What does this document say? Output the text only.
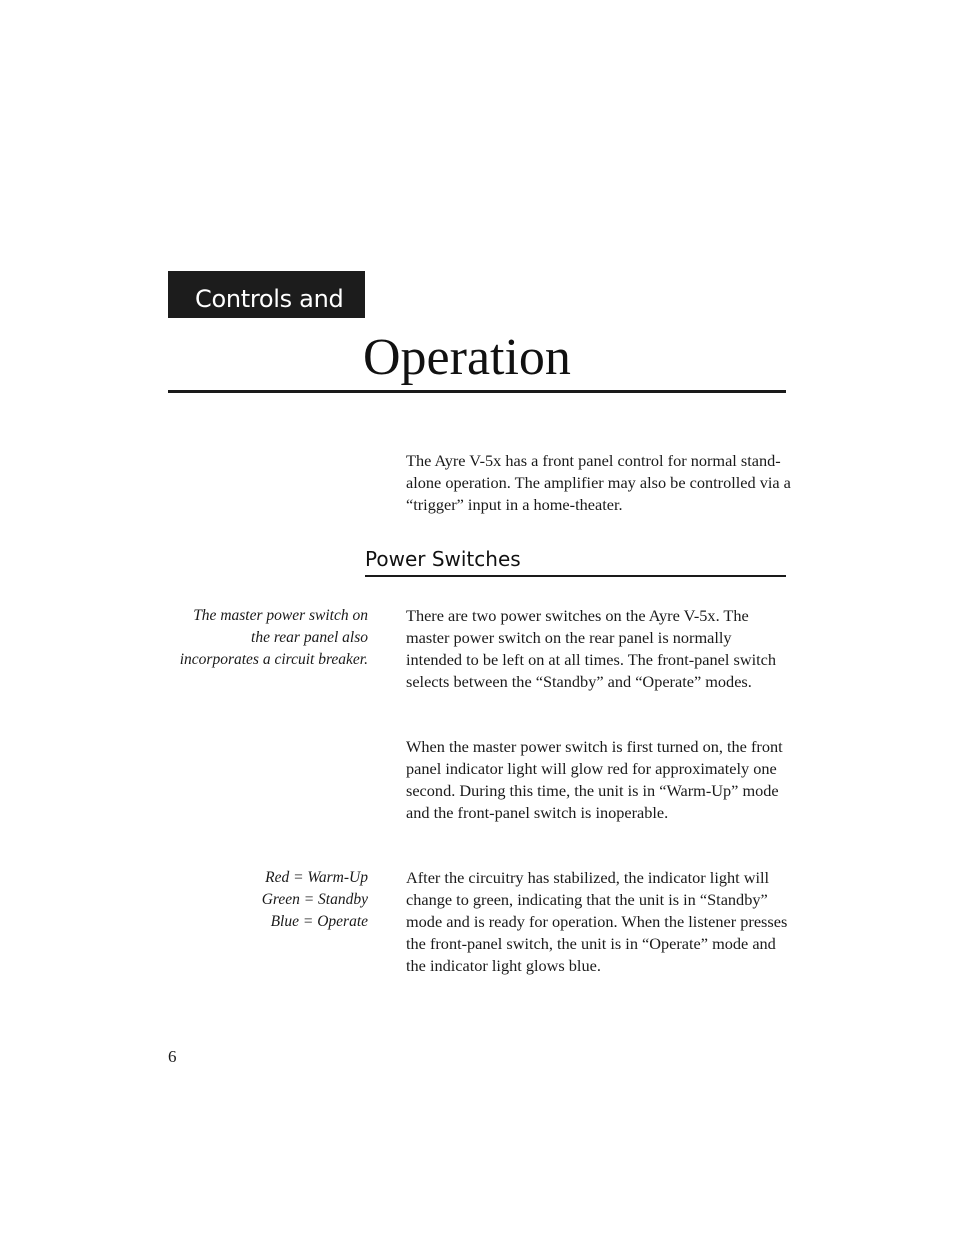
Controls and
Operation

The Ayre V-5x has a front panel control for normal stand-alone operation. The amplifier may also be controlled via a “trigger” input in a home-theater.

Power Switches

The master power switch on
the rear panel also
incorporates a circuit breaker.

There are two power switches on the Ayre V-5x. The master power switch on the rear panel is normally intended to be left on at all times. The front-panel switch selects between the “Standby” and “Operate” modes.

When the master power switch is first turned on, the front panel indicator light will glow red for approximately one second. During this time, the unit is in “Warm-Up” mode and the front-panel switch is inoperable.

Red = Warm-Up
Green = Standby
Blue = Operate

After the circuitry has stabilized, the indicator light will change to green, indicating that the unit is in “Standby” mode and is ready for operation. When the listener presses the front-panel switch, the unit is in “Operate” mode and the indicator light glows blue.

6
